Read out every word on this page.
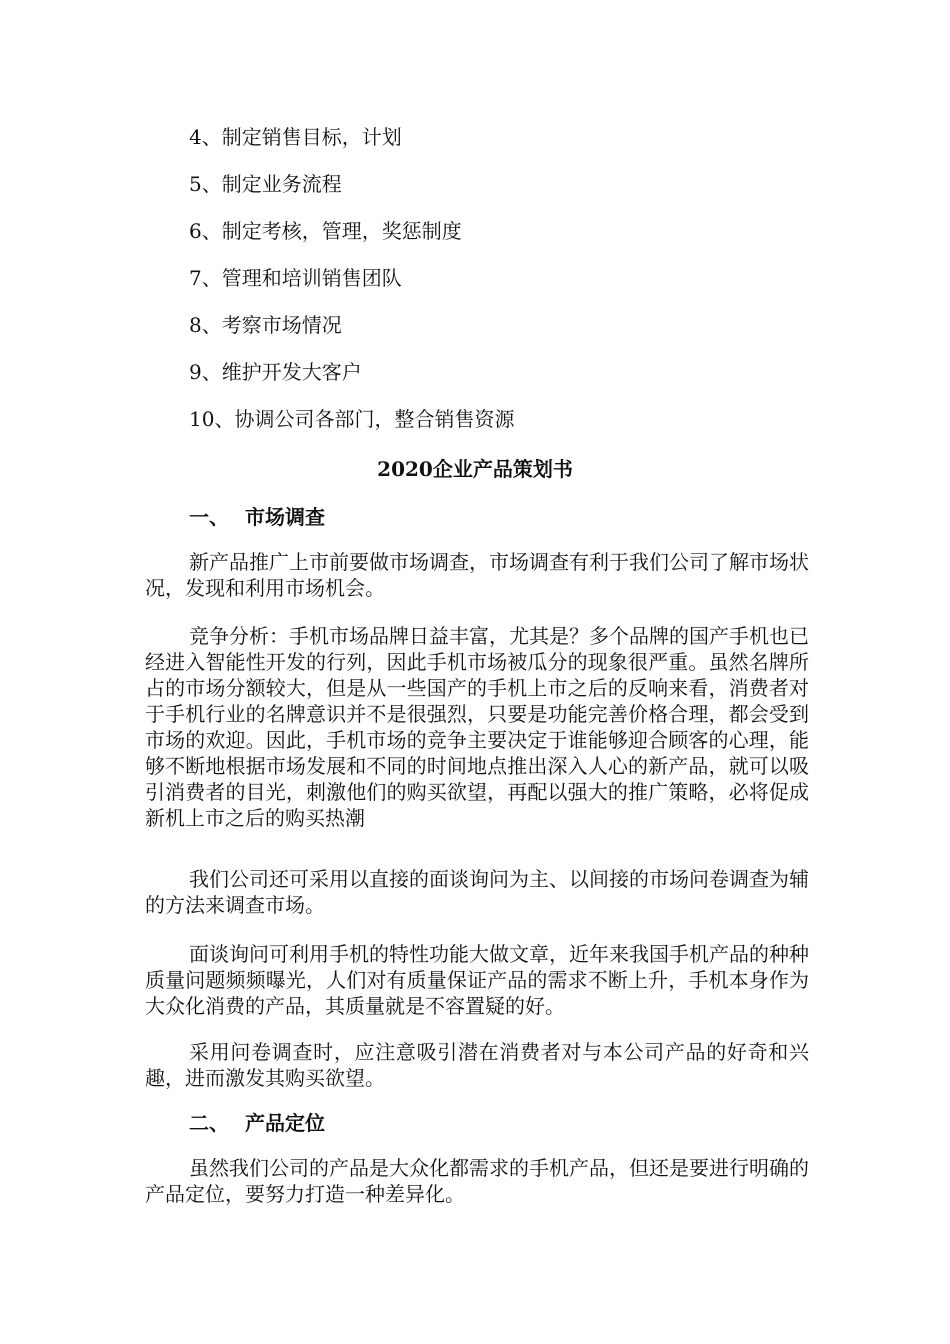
4、制定销售目标，计划
5、制定业务流程
6、制定考核，管理，奖惩制度
7、管理和培训销售团队
8、考察市场情况
9、维护开发大客户
10、协调公司各部门，整合销售资源
2020企业产品策划书
一、 市场调查

新产品推广上市前要做市场调查，市场调查有利于我们公司了解市场状况，发现和利用市场机会。

竞争分析：手机市场品牌日益丰富，尤其是？多个品牌的国产手机也已经进入智能性开发的行列，因此手机市场被瓜分的现象很严重。虽然名牌所占的市场分额较大，但是从一些国产的手机上市之后的反响来看，消费者对于手机行业的名牌意识并不是很强烈，只要是功能完善价格合理，都会受到市场的欢迎。因此，手机市场的竞争主要决定于谁能够迎合顾客的心理，能够不断地根据市场发展和不同的时间地点推出深入人心的新产品，就可以吸引消费者的目光，刺激他们的购买欲望，再配以强大的推广策略，必将促成新机上市之后的购买热潮

我们公司还可采用以直接的面谈询问为主、以间接的市场问卷调查为辅的方法来调查市场。

面谈询问可利用手机的特性功能大做文章，近年来我国手机产品的种种质量问题频频曝光，人们对有质量保证产品的需求不断上升，手机本身作为大众化消费的产品，其质量就是不容置疑的好。

采用问卷调查时，应注意吸引潜在消费者对与本公司产品的好奇和兴趣，进而激发其购买欲望。

二、 产品定位

虽然我们公司的产品是大众化都需求的手机产品，但还是要进行明确的产品定位，要努力打造一种差异化。
